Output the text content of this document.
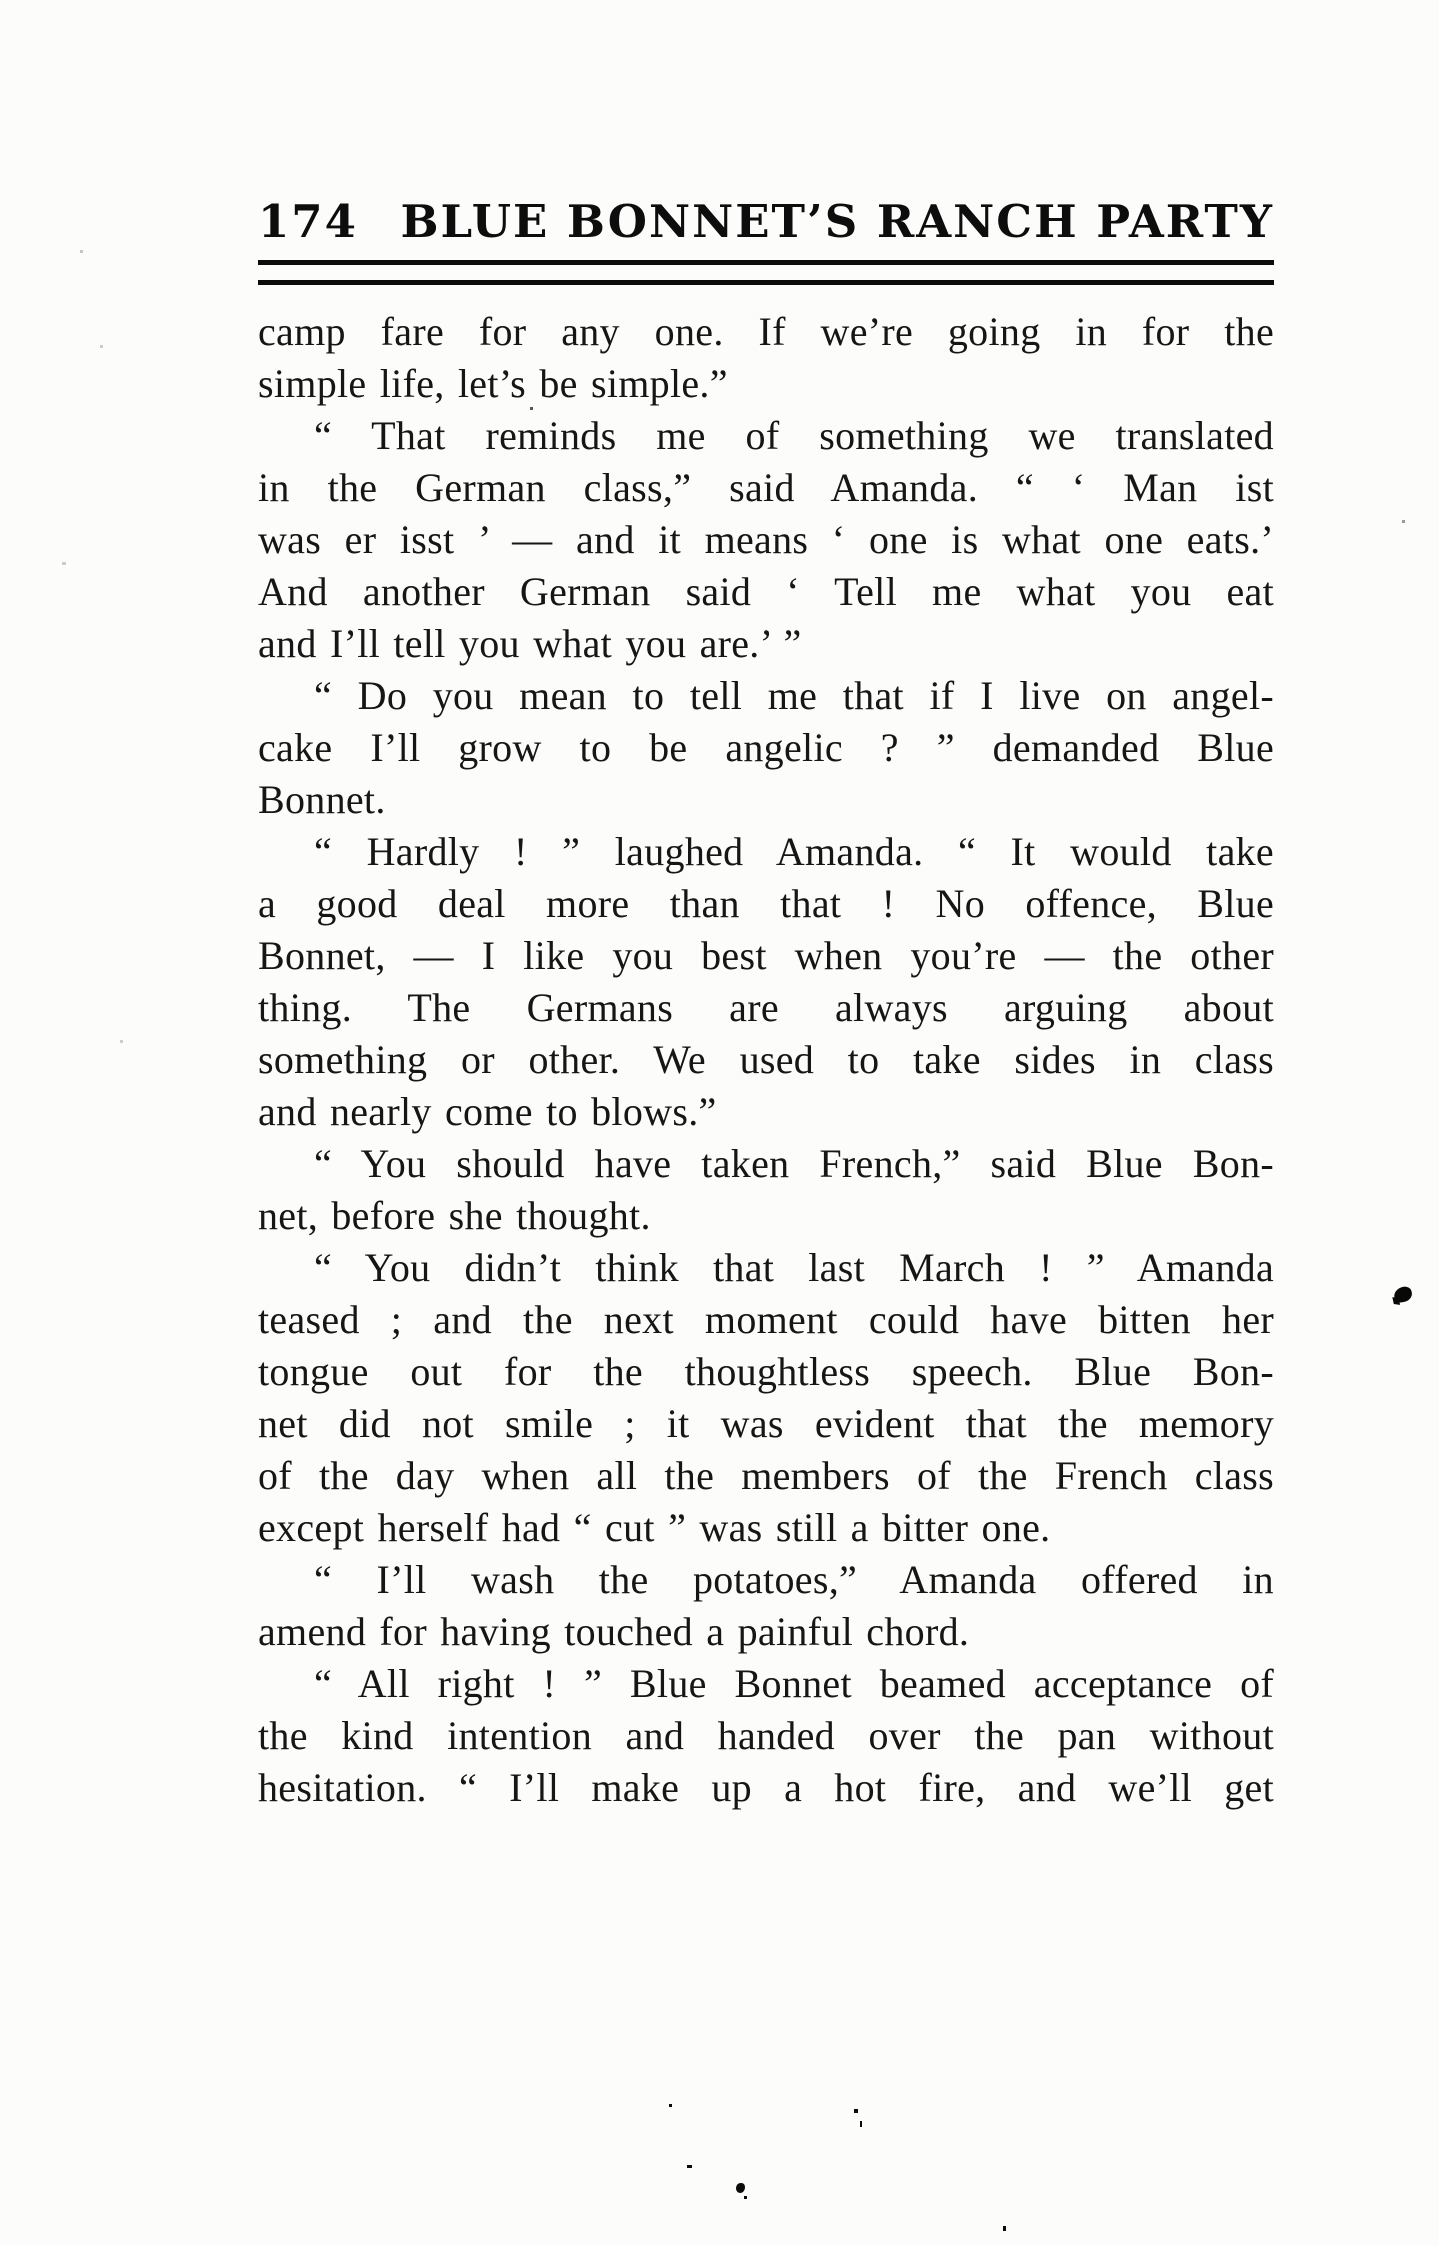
174 BLUE BONNET’S RANCH PARTY
camp fare for any one. If we’re going in for the
simple life, let’s be simple.”
“ That reminds me of something we translated
in the German class,” said Amanda. “ ‘ Man ist
was er isst ’ — and it means ‘ one is what one eats.’
And another German said ‘ Tell me what you eat
and I’ll tell you what you are.’ ”
“ Do you mean to tell me that if I live on angel-
cake I’ll grow to be angelic ? ” demanded Blue
Bonnet.
“ Hardly ! ” laughed Amanda. “ It would take
a good deal more than that ! No offence, Blue
Bonnet, — I like you best when you’re — the other
thing. The Germans are always arguing about
something or other. We used to take sides in class
and nearly come to blows.”
“ You should have taken French,” said Blue Bon-
net, before she thought.
“ You didn’t think that last March ! ” Amanda
teased ; and the next moment could have bitten her
tongue out for the thoughtless speech. Blue Bon-
net did not smile ; it was evident that the memory
of the day when all the members of the French class
except herself had “ cut ” was still a bitter one.
“ I’ll wash the potatoes,” Amanda offered in
amend for having touched a painful chord.
“ All right ! ” Blue Bonnet beamed acceptance of
the kind intention and handed over the pan without
hesitation. “ I’ll make up a hot fire, and we’ll get
